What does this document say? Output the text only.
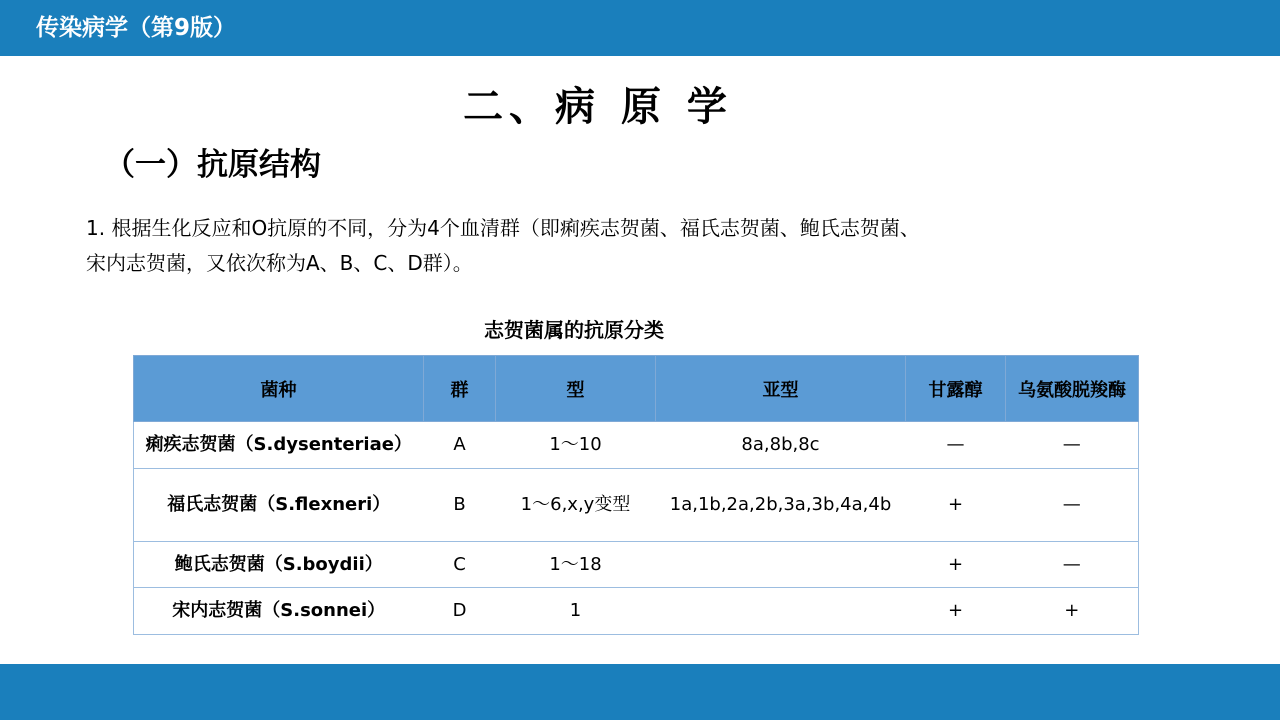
传染病学（第9版）
二、病 原 学
（一）抗原结构
1. 根据生化反应和O抗原的不同，分为4个血清群（即痢疾志贺菌、福氏志贺菌、鲍氏志贺菌、
宋内志贺菌，又依次称为A、B、C、D群）。
志贺菌属的抗原分类
菌种	群	型	亚型	甘露醇	乌氨酸脱羧酶
痢疾志贺菌（S.dysenteriae）	A	1～10	8a,8b,8c	—	—
福氏志贺菌（S.flexneri）	B	1～6,x,y变型	1a,1b,2a,2b,3a,3b,4a,4b	+	—
鲍氏志贺菌（S.boydii）	C	1～18		+	—
宋内志贺菌（S.sonnei）	D	1		+	+
